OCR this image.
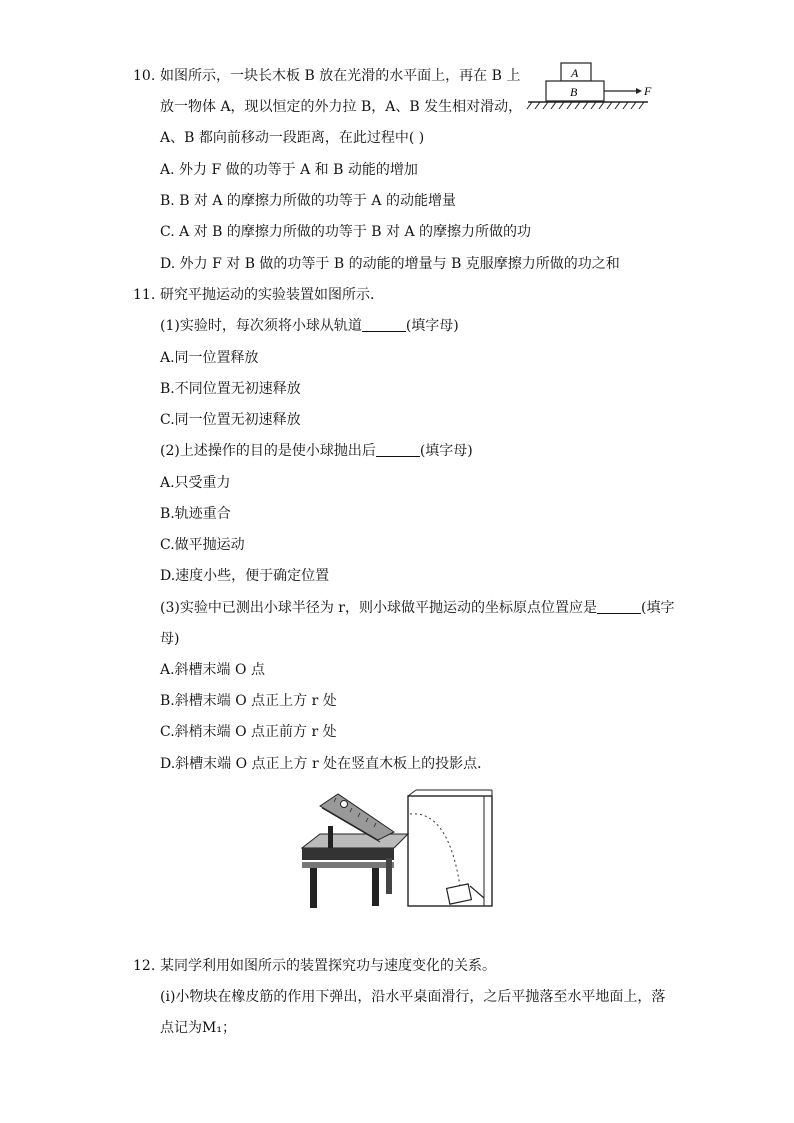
10. 如图所示，一块长木板 B 放在光滑的水平面上，再在 B 上
放一物体 A，现以恒定的外力拉 B，A、B 发生相对滑动，
A、B 都向前移动一段距离，在此过程中( )
A. 外力 F 做的功等于 A 和 B 动能的增加
B. B 对 A 的摩擦力所做的功等于 A 的动能增量
C. A 对 B 的摩擦力所做的功等于 B 对 A 的摩擦力所做的功
D. 外力 F 对 B 做的功等于 B 的动能的增量与 B 克服摩擦力所做的功之和
A
B	F
11. 研究平抛运动的实验装置如图所示．
(1)实验时，每次须将小球从轨道	(填字母)
A.同一位置释放
B.不同位置无初速释放
C.同一位置无初速释放
(2)上述操作的目的是使小球抛出后	(填字母)
A.只受重力
B.轨迹重合
C.做平抛运动
D.速度小些，便于确定位置
(3)实验中已测出小球半径为 r，则小球做平抛运动的坐标原点位置应是	(填字
母)
A.斜槽末端 O 点
B.斜槽末端 O 点正上方 r 处
C.斜梢末端 O 点正前方 r 处
D.斜槽末端 O 点正上方 r 处在竖直木板上的投影点．
12. 某同学利用如图所示的装置探究功与速度变化的关系。
(i)小物块在橡皮筋的作用下弹出，沿水平桌面滑行，之后平抛落至水平地面上，落
点记为M₁；
